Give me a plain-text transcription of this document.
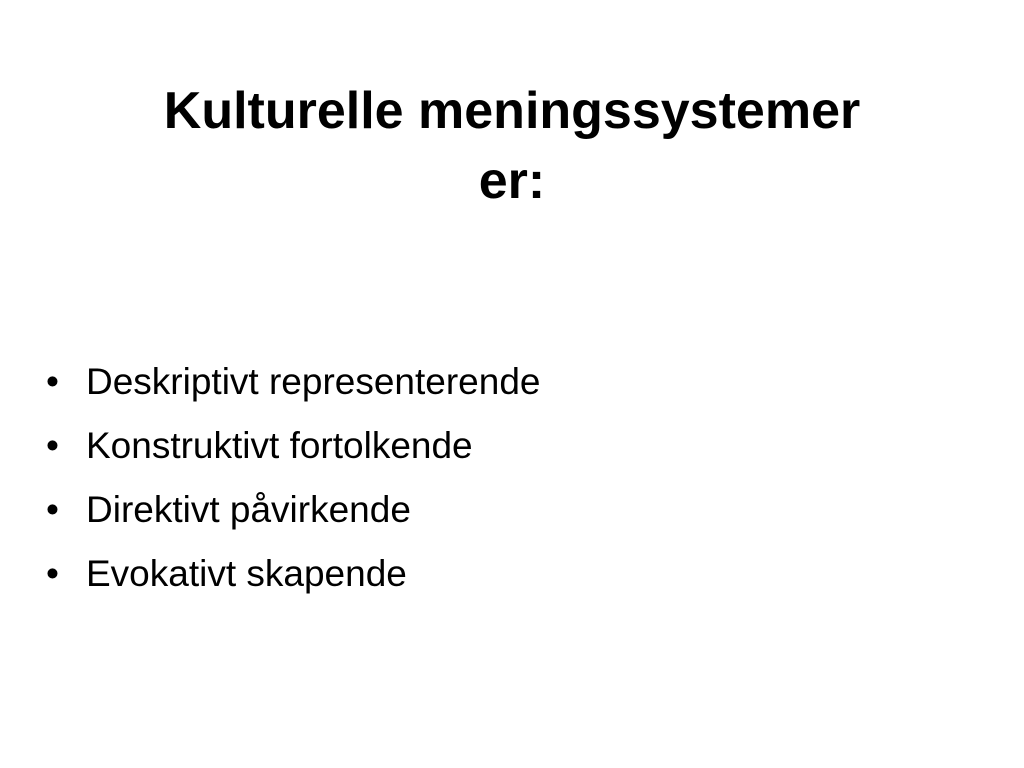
Kulturelle meningssystemer
er:
• Deskriptivt representerende
• Konstruktivt fortolkende
• Direktivt påvirkende
• Evokativt skapende
